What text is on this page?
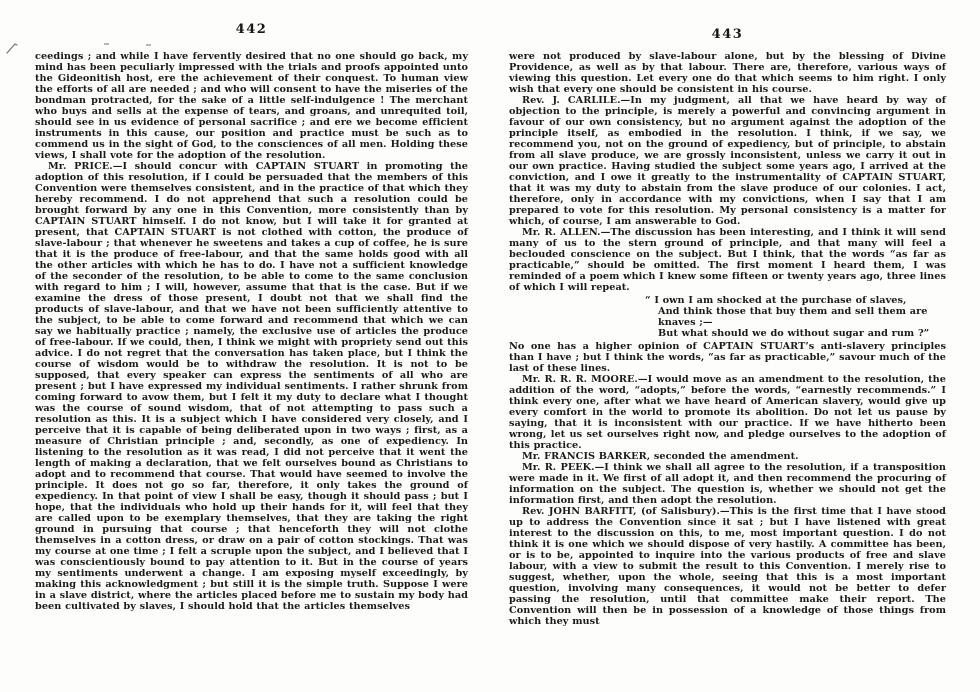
442

ceedings ; and while I have fervently desired that no one should go back, my mind has been peculiarly impressed with the trials and proofs appointed unto the Gideonitish host, ere the achievement of their conquest. To human view the efforts of all are needed ; and who will consent to have the miseries of the bondman protracted, for the sake of a little self-indulgence ! The merchant who buys and sells at the expense of tears, and groans, and unrequited toil, should see in us evidence of personal sacrifice ; and ere we become efficient instruments in this cause, our position and practice must be such as to commend us in the sight of God, to the consciences of all men. Holding these views, I shall vote for the adoption of the resolution.

Mr. PRICE.—I should concur with CAPTAIN STUART in promoting the adoption of this resolution, if I could be persuaded that the members of this Convention were themselves consistent, and in the practice of that which they hereby recommend. I do not apprehend that such a resolution could be brought forward by any one in this Convention, more consistently than by CAPTAIN STUART himself. I do not know, but I will take it for granted at present, that CAPTAIN STUART is not clothed with cotton, the produce of slave-labour ; that whenever he sweetens and takes a cup of coffee, he is sure that it is the produce of free-labour, and that the same holds good with all the other articles with which he has to do. I have not a sufficient knowledge of the seconder of the resolution, to be able to come to the same conclusion with regard to him ; I will, however, assume that that is the case. But if we examine the dress of those present, I doubt not that we shall find the products of slave-labour, and that we have not been sufficiently attentive to the subject, to be able to come forward and recommend that which we can say we habitually practice ; namely, the exclusive use of articles the produce of free-labour. If we could, then, I think we might with propriety send out this advice. I do not regret that the conversation has taken place, but I think the course of wisdom would be to withdraw the resolution. It is not to be supposed, that every speaker can express the sentiments of all who are present ; but I have expressed my individual sentiments. I rather shrunk from coming forward to avow them, but I felt it my duty to declare what I thought was the course of sound wisdom, that of not attempting to pass such a resolution as this. It is a subject which I have considered very closely, and I perceive that it is capable of being deliberated upon in two ways ; first, as a measure of Christian principle ; and, secondly, as one of expediency. In listening to the resolution as it was read, I did not perceive that it went the length of making a declaration, that we felt ourselves bound as Christians to adopt and to recommend that course. That would have seemed to involve the principle. It does not go so far, therefore, it only takes the ground of expediency. In that point of view I shall be easy, though it should pass ; but I hope, that the individuals who hold up their hands for it, will feel that they are called upon to be exemplary themselves, that they are taking the right ground in pursuing that course ; that henceforth they will not clothe themselves in a cotton dress, or draw on a pair of cotton stockings. That was my course at one time ; I felt a scruple upon the subject, and I believed that I was conscientiously bound to pay attention to it. But in the course of years my sentiments underwent a change. I am exposing myself exceedingly, by making this acknowledgment ; but still it is the simple truth. Suppose I were in a slave district, where the articles placed before me to sustain my body had been cultivated by slaves, I should hold that the articles themselves

443

were not produced by slave-labour alone, but by the blessing of Divine Providence, as well as by that labour. There are, therefore, various ways of viewing this question. Let every one do that which seems to him right. I only wish that every one should be consistent in his course.

Rev. J. CARLILE.—In my judgment, all that we have heard by way of objection to the principle, is merely a powerful and convincing argument in favour of our own consistency, but no argument against the adoption of the principle itself, as embodied in the resolution. I think, if we say, we recommend you, not on the ground of expediency, but of principle, to abstain from all slave produce, we are grossly inconsistent, unless we carry it out in our own practice. Having studied the subject some years ago, I arrived at the conviction, and I owe it greatly to the instrumentality of CAPTAIN STUART, that it was my duty to abstain from the slave produce of our colonies. I act, therefore, only in accordance with my convictions, when I say that I am prepared to vote for this resolution. My personal consistency is a matter for which, of course, I am answerable to God.

Mr. R. ALLEN.—The discussion has been interesting, and I think it will send many of us to the stern ground of principle, and that many will feel a beclouded conscience on the subject. But I think, that the words “as far as practicable,” should be omitted. The first moment I heard them, I was reminded of a poem which I knew some fifteen or twenty years ago, three lines of which I will repeat.

“ I own I am shocked at the purchase of slaves,
And think those that buy them and sell them are knaves ;—
But what should we do without sugar and rum ?”

No one has a higher opinion of CAPTAIN STUART’s anti-slavery principles than I have ; but I think the words, “as far as practicable,” savour much of the last of these lines.

Mr. R. R. R. MOORE.—I would move as an amendment to the resolution, the addition of the word, “adopts,” before the words, “earnestly recommends.” I think every one, after what we have heard of American slavery, would give up every comfort in the world to promote its abolition. Do not let us pause by saying, that it is inconsistent with our practice. If we have hitherto been wrong, let us set ourselves right now, and pledge ourselves to the adoption of this practice.

Mr. FRANCIS BARKER, seconded the amendment.

Mr. R. PEEK.—I think we shall all agree to the resolution, if a transposition were made in it. We first of all adopt it, and then recommend the procuring of information on the subject. The question is, whether we should not get the information first, and then adopt the resolution.

Rev. JOHN BARFITT, (of Salisbury).—This is the first time that I have stood up to address the Convention since it sat ; but I have listened with great interest to the discussion on this, to me, most important question. I do not think it is one which we should dispose of very hastily. A committee has been, or is to be, appointed to inquire into the various products of free and slave labour, with a view to submit the result to this Convention. I merely rise to suggest, whether, upon the whole, seeing that this is a most important question, involving many consequences, it would not be better to defer passing the resolution, until that committee make their report. The Convention will then be in possession of a knowledge of those things from which they must
